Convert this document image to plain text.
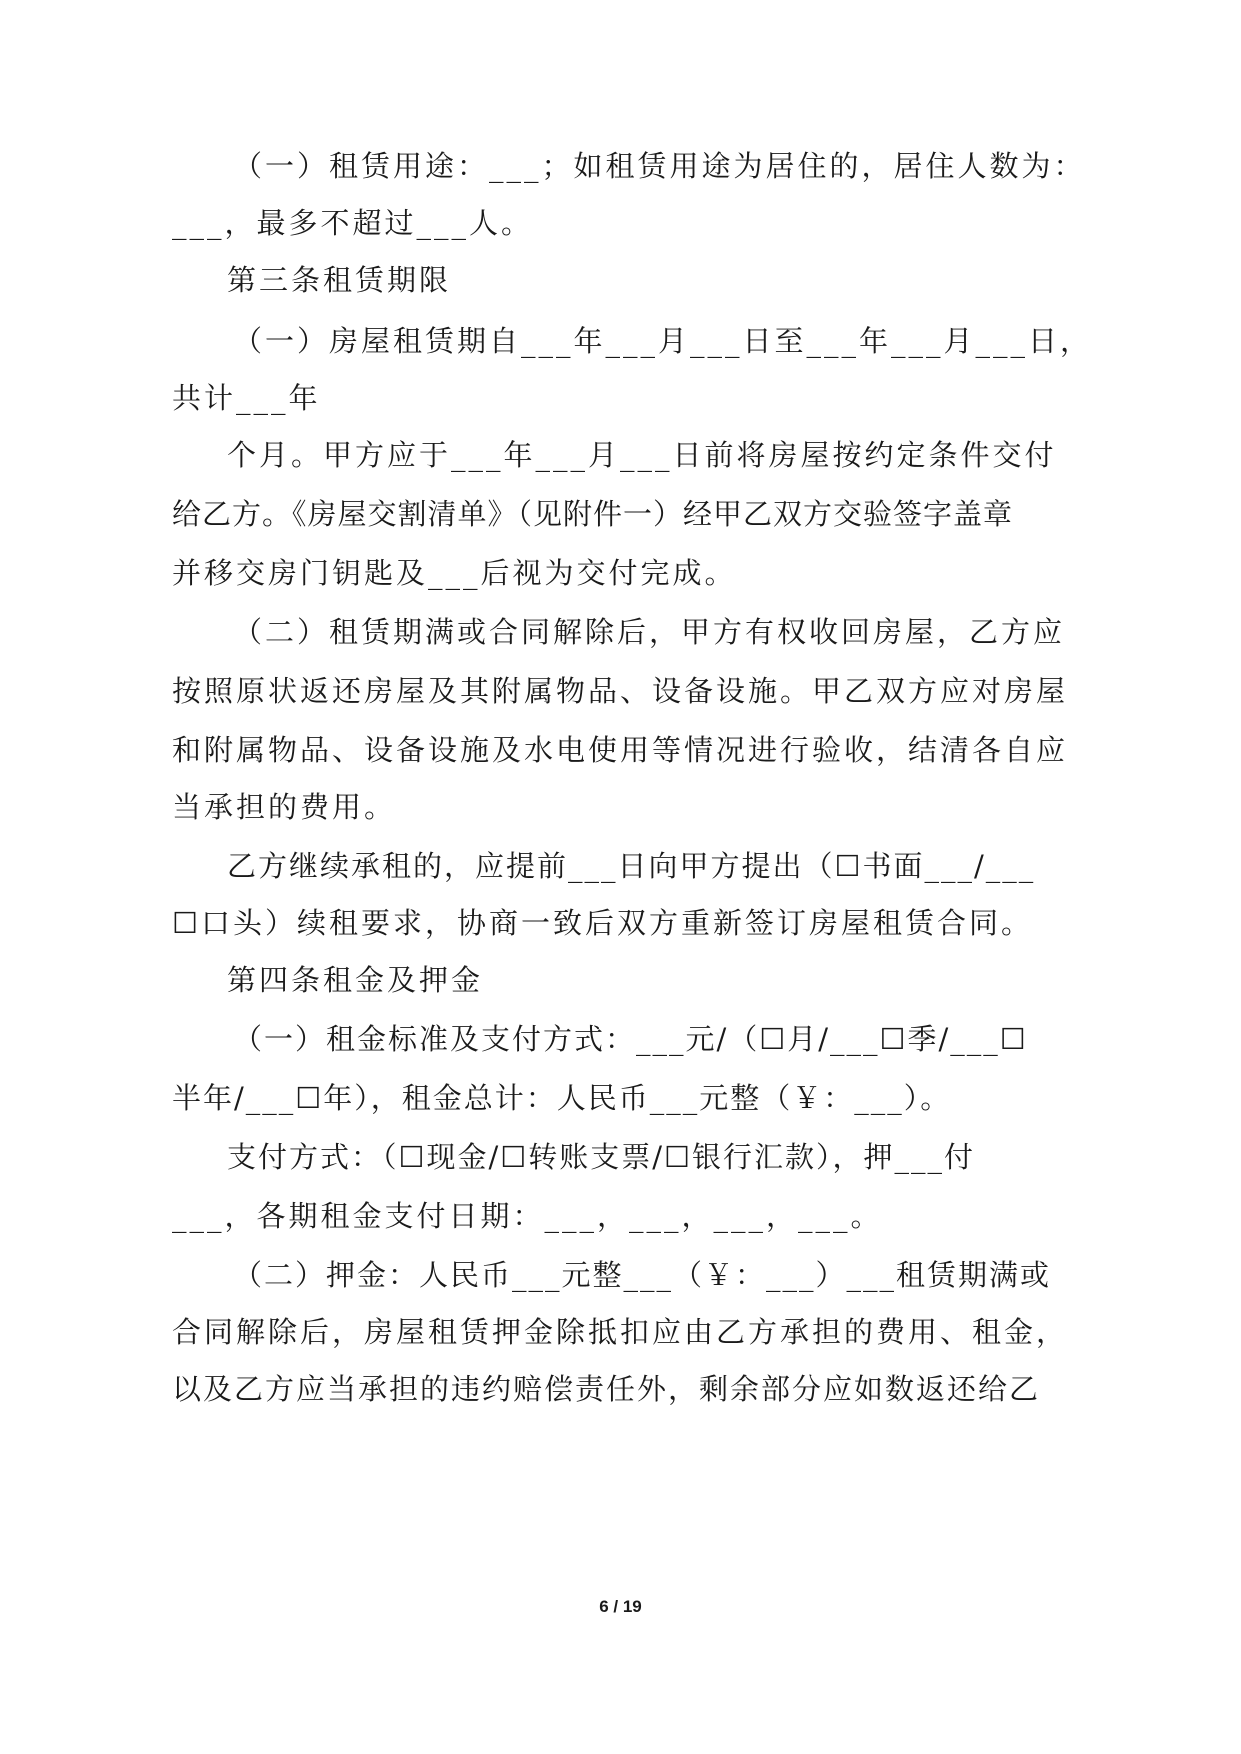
（一）租赁用途：___；如租赁用途为居住的，居住人数为：
___，最多不超过___人。
第三条租赁期限
（一）房屋租赁期自___年___月___日至___年___月___日，
共计___年
个月。甲方应于___年___月___日前将房屋按约定条件交付
给乙方。《房屋交割清单》（见附件一）经甲乙双方交验签字盖章
并移交房门钥匙及___后视为交付完成。
（二）租赁期满或合同解除后，甲方有权收回房屋，乙方应
按照原状返还房屋及其附属物品、设备设施。甲乙双方应对房屋
和附属物品、设备设施及水电使用等情况进行验收，结清各自应
当承担的费用。
乙方继续承租的，应提前___日向甲方提出（☐书面___/___
☐口头）续租要求，协商一致后双方重新签订房屋租赁合同。
第四条租金及押金
（一）租金标准及支付方式：___元/（☐月/___☐季/___☐
半年/___☐年），租金总计：人民币___元整（￥：___）。
支付方式：（☐现金/☐转账支票/☐银行汇款），押___付
___，各期租金支付日期：___，___，___，___。
（二）押金：人民币___元整___（￥：___）___租赁期满或
合同解除后，房屋租赁押金除抵扣应由乙方承担的费用、租金，
以及乙方应当承担的违约赔偿责任外，剩余部分应如数返还给乙
6 / 19
